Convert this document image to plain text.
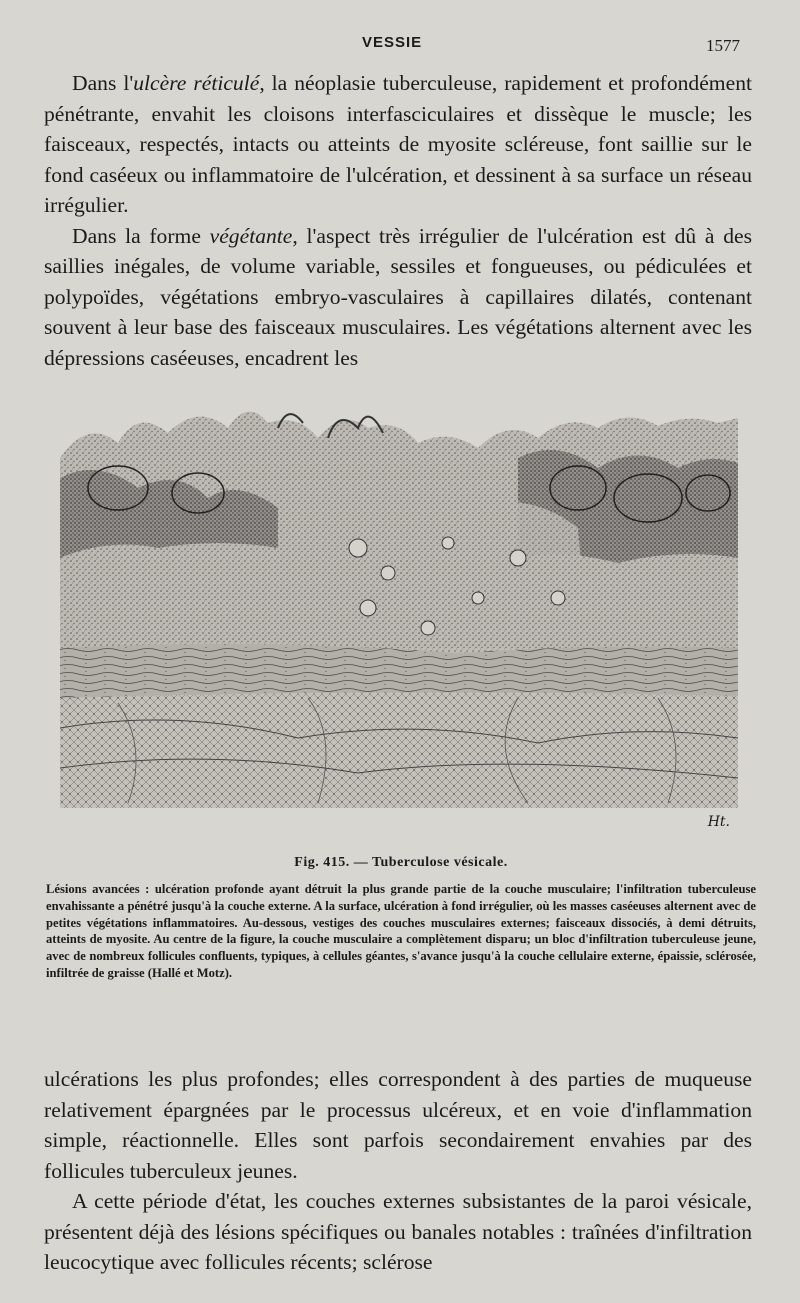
VESSIE	1577

Dans l'ulcère réticulé, la néoplasie tuberculeuse, rapidement et profondément pénétrante, envahit les cloisons interfasciculaires et dissèque le muscle; les faisceaux, respectés, intacts ou atteints de myosite scléreuse, font saillie sur le fond caséeux ou inflammatoire de l'ulcération, et dessinent à sa surface un réseau irrégulier.

Dans la forme végétante, l'aspect très irrégulier de l'ulcération est dû à des saillies inégales, de volume variable, sessiles et fongueuses, ou pédiculées et polypoïdes, végétations embryo-vasculaires à capillaires dilatés, contenant souvent à leur base des faisceaux musculaires. Les végétations alternent avec les dépressions caséeuses, encadrent les

Ht.

Fig. 415. — Tuberculose vésicale.

Lésions avancées : ulcération profonde ayant détruit la plus grande partie de la couche musculaire; l'infiltration tuberculeuse envahissante a pénétré jusqu'à la couche externe. A la surface, ulcération à fond irrégulier, où les masses caséeuses alternent avec de petites végétations inflammatoires. Au-dessous, vestiges des couches musculaires externes; faisceaux dissociés, à demi détruits, atteints de myosite. Au centre de la figure, la couche musculaire a complètement disparu; un bloc d'infiltration tuberculeuse jeune, avec de nombreux follicules confluents, typiques, à cellules géantes, s'avance jusqu'à la couche cellulaire externe, épaissie, sclérosée, infiltrée de graisse (Hallé et Motz).

ulcérations les plus profondes; elles correspondent à des parties de muqueuse relativement épargnées par le processus ulcéreux, et en voie d'inflammation simple, réactionnelle. Elles sont parfois secondairement envahies par des follicules tuberculeux jeunes.

A cette période d'état, les couches externes subsistantes de la paroi vésicale, présentent déjà des lésions spécifiques ou banales notables : traînées d'infiltration leucocytique avec follicules récents; sclérose
